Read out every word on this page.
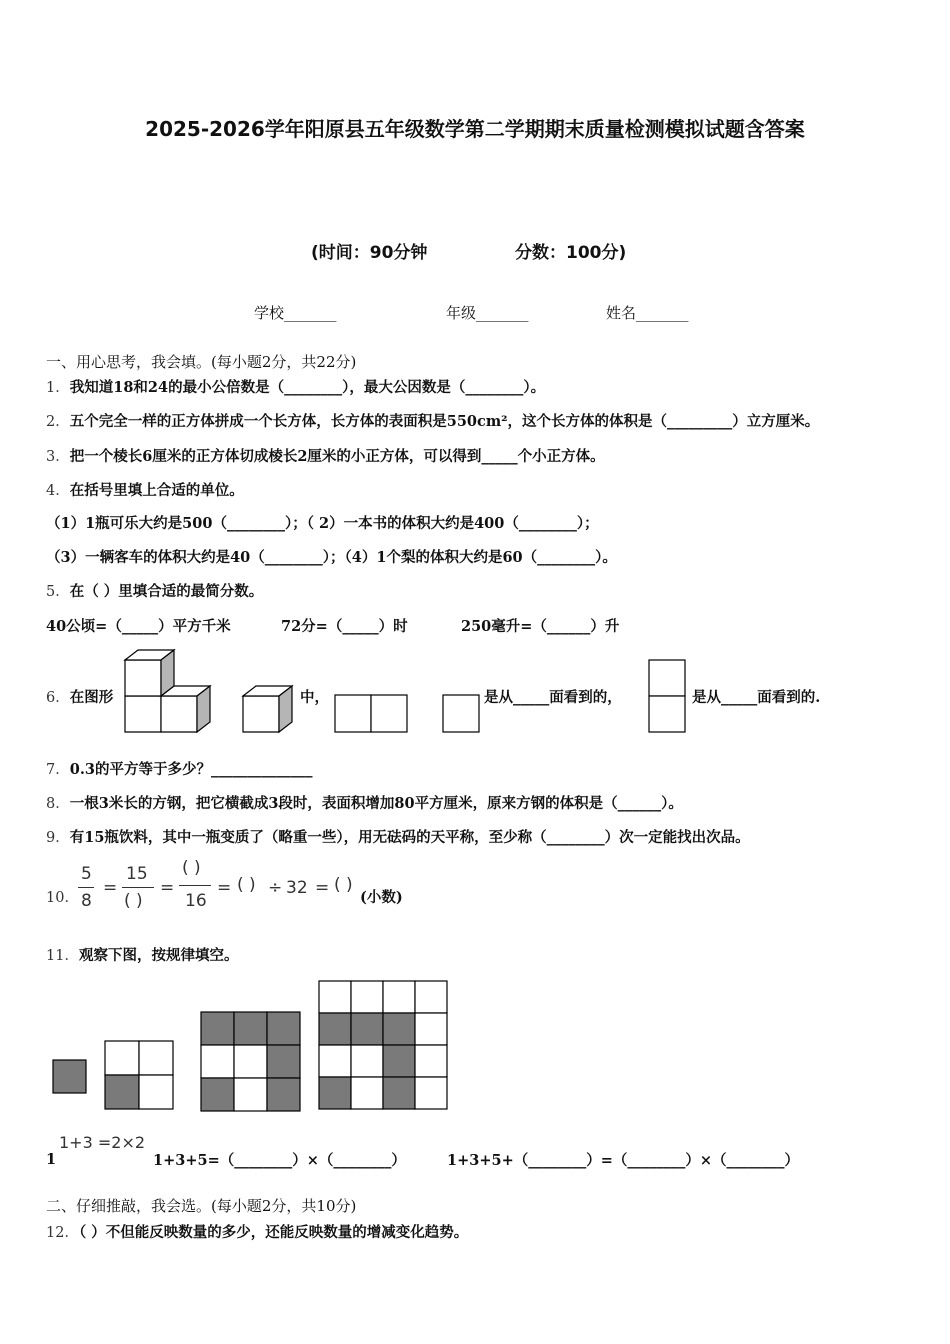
2025-2026学年阳原县五年级数学第二学期期末质量检测模拟试题含答案
(时间：90分钟	分数：100分)
学校_______	年级_______	姓名_______
一、用心思考，我会填。(每小题2分，共22分)
1．我知道18和24的最小公倍数是（________），最大公因数是（________）。
2．五个完全一样的正方体拼成一个长方体，长方体的表面积是550cm²，这个长方体的体积是（_________）立方厘米。
3．把一个棱长6厘米的正方体切成棱长2厘米的小正方体，可以得到_____个小正方体。
4．在括号里填上合适的单位。
（1）1瓶可乐大约是500（________）；（ 2）一本书的体积大约是400（________）；
（3）一辆客车的体积大约是40（________）；（4）1个梨的体积大约是60（________）。
5．在（ ）里填合适的最简分数。
40公顷=（_____）平方千米	72分=（_____）时	250毫升=（______）升
6．在图形	中，	是从_____面看到的，	是从_____面看到的.
7．0.3的平方等于多少？______________
8．一根3米长的方钢，把它横截成3段时，表面积增加80平方厘米，原来方钢的体积是（______）。
9．有15瓶饮料，其中一瓶变质了（略重一些），用无砝码的天平称，至少称（________）次一定能找出次品。
10．
5
8
=
15
( )
=
( )
16
= ( ) ÷ 32 = ( )
(小数)
11．观察下图，按规律填空。
1
1+3 =2×2
1+3+5=（________）×（________）	1+3+5+（________）=（________）×（________）
二、仔细推敲，我会选。(每小题2分，共10分)
12．（ ）不但能反映数量的多少，还能反映数量的增减变化趋势。
